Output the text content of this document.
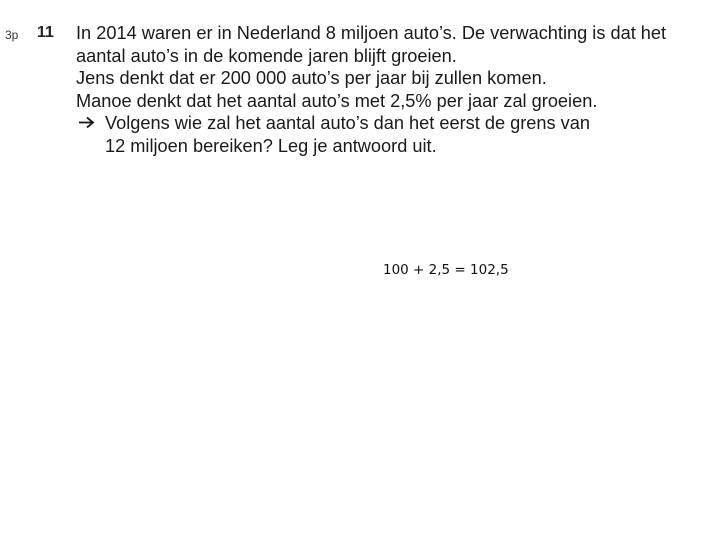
3p 11 In 2014 waren er in Nederland 8 miljoen auto’s. De verwachting is dat het
aantal auto’s in de komende jaren blijft groeien.
Jens denkt dat er 200 000 auto’s per jaar bij zullen komen.
Manoe denkt dat het aantal auto’s met 2,5% per jaar zal groeien.
Volgens wie zal het aantal auto’s dan het eerst de grens van
12 miljoen bereiken? Leg je antwoord uit.
100 + 2,5 = 102,5
